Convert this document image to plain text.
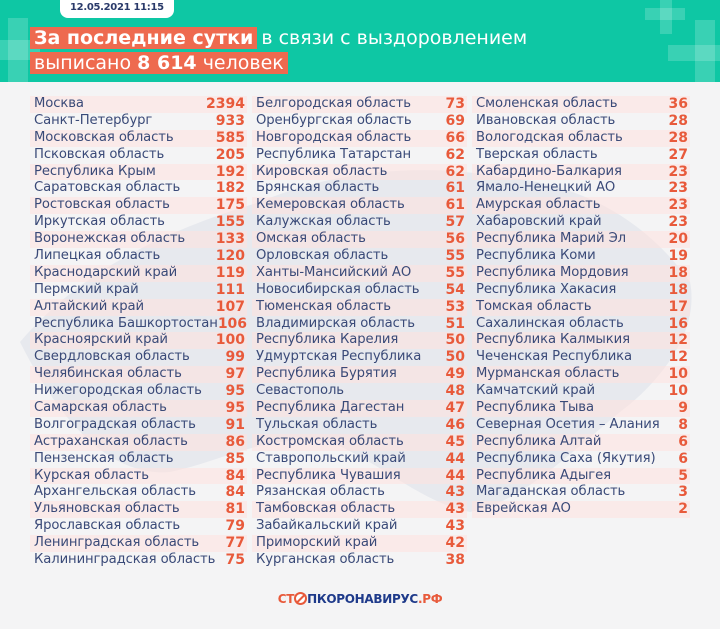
12.05.2021 11:15
За последние сутки в связи с выздоровлением
выписано 8 614 человек
Москва	2394
Санкт-Петербург	933
Московская область	585
Псковская область	205
Республика Крым	192
Саратовская область	182
Ростовская область	175
Иркутская область	155
Воронежская область 133
Липецкая область	120
Краснодарский край	119
Пермский край	111
Алтайский край	107
Республика Башкортостан 106
Красноярский край	100
Свердловская область	99
Челябинская область	97
Нижегородская область 95
Самарская область	95
Волгоградская область 91
Астраханская область	86
Пензенская область	85
Курская область	84
Архангельская область 84
Ульяновская область	81
Ярославская область	79
Ленинградская область 77
Калининградская область 75
Белгородская область 73
Оренбургская область 69
Новгородская область 66
Республика Татарстан 62
Кировская область	62
Брянская область	61
Кемеровская область	61
Калужская область	57
Омская область	56
Орловская область	55
Ханты-Мансийский АО 55
Новосибирская область 54
Тюменская область	53
Владимирская область 51
Республика Карелия	50
Удмуртская Республика 50
Республика Бурятия	49
Севастополь	48
Республика Дагестан	47
Тульская область	46
Костромская область	45
Ставропольский край	44
Республика Чувашия	44
Рязанская область	43
Тамбовская область	43
Забайкальский край	43
Приморский край	42
Курганская область	38
Смоленская область	36
Ивановская область	28
Вологодская область	28
Тверская область	27
Кабардино-Балкария	23
Ямало-Ненецкий АО	23
Амурская область	23
Хабаровский край	23
Республика Марий Эл	20
Республика Коми	19
Республика Мордовия	18
Республика Хакасия	18
Томская область	17
Сахалинская область	16
Республика Калмыкия	12
Чеченская Республика	12
Мурманская область	10
Камчатский край	10
Республика Тыва	9
Северная Осетия – Алания 8
Республика Алтай	6
Республика Саха (Якутия) 6
Республика Адыгея	5
Магаданская область	3
Еврейская АО	2
СТ ПКОРОНАВИРУС.РФ
